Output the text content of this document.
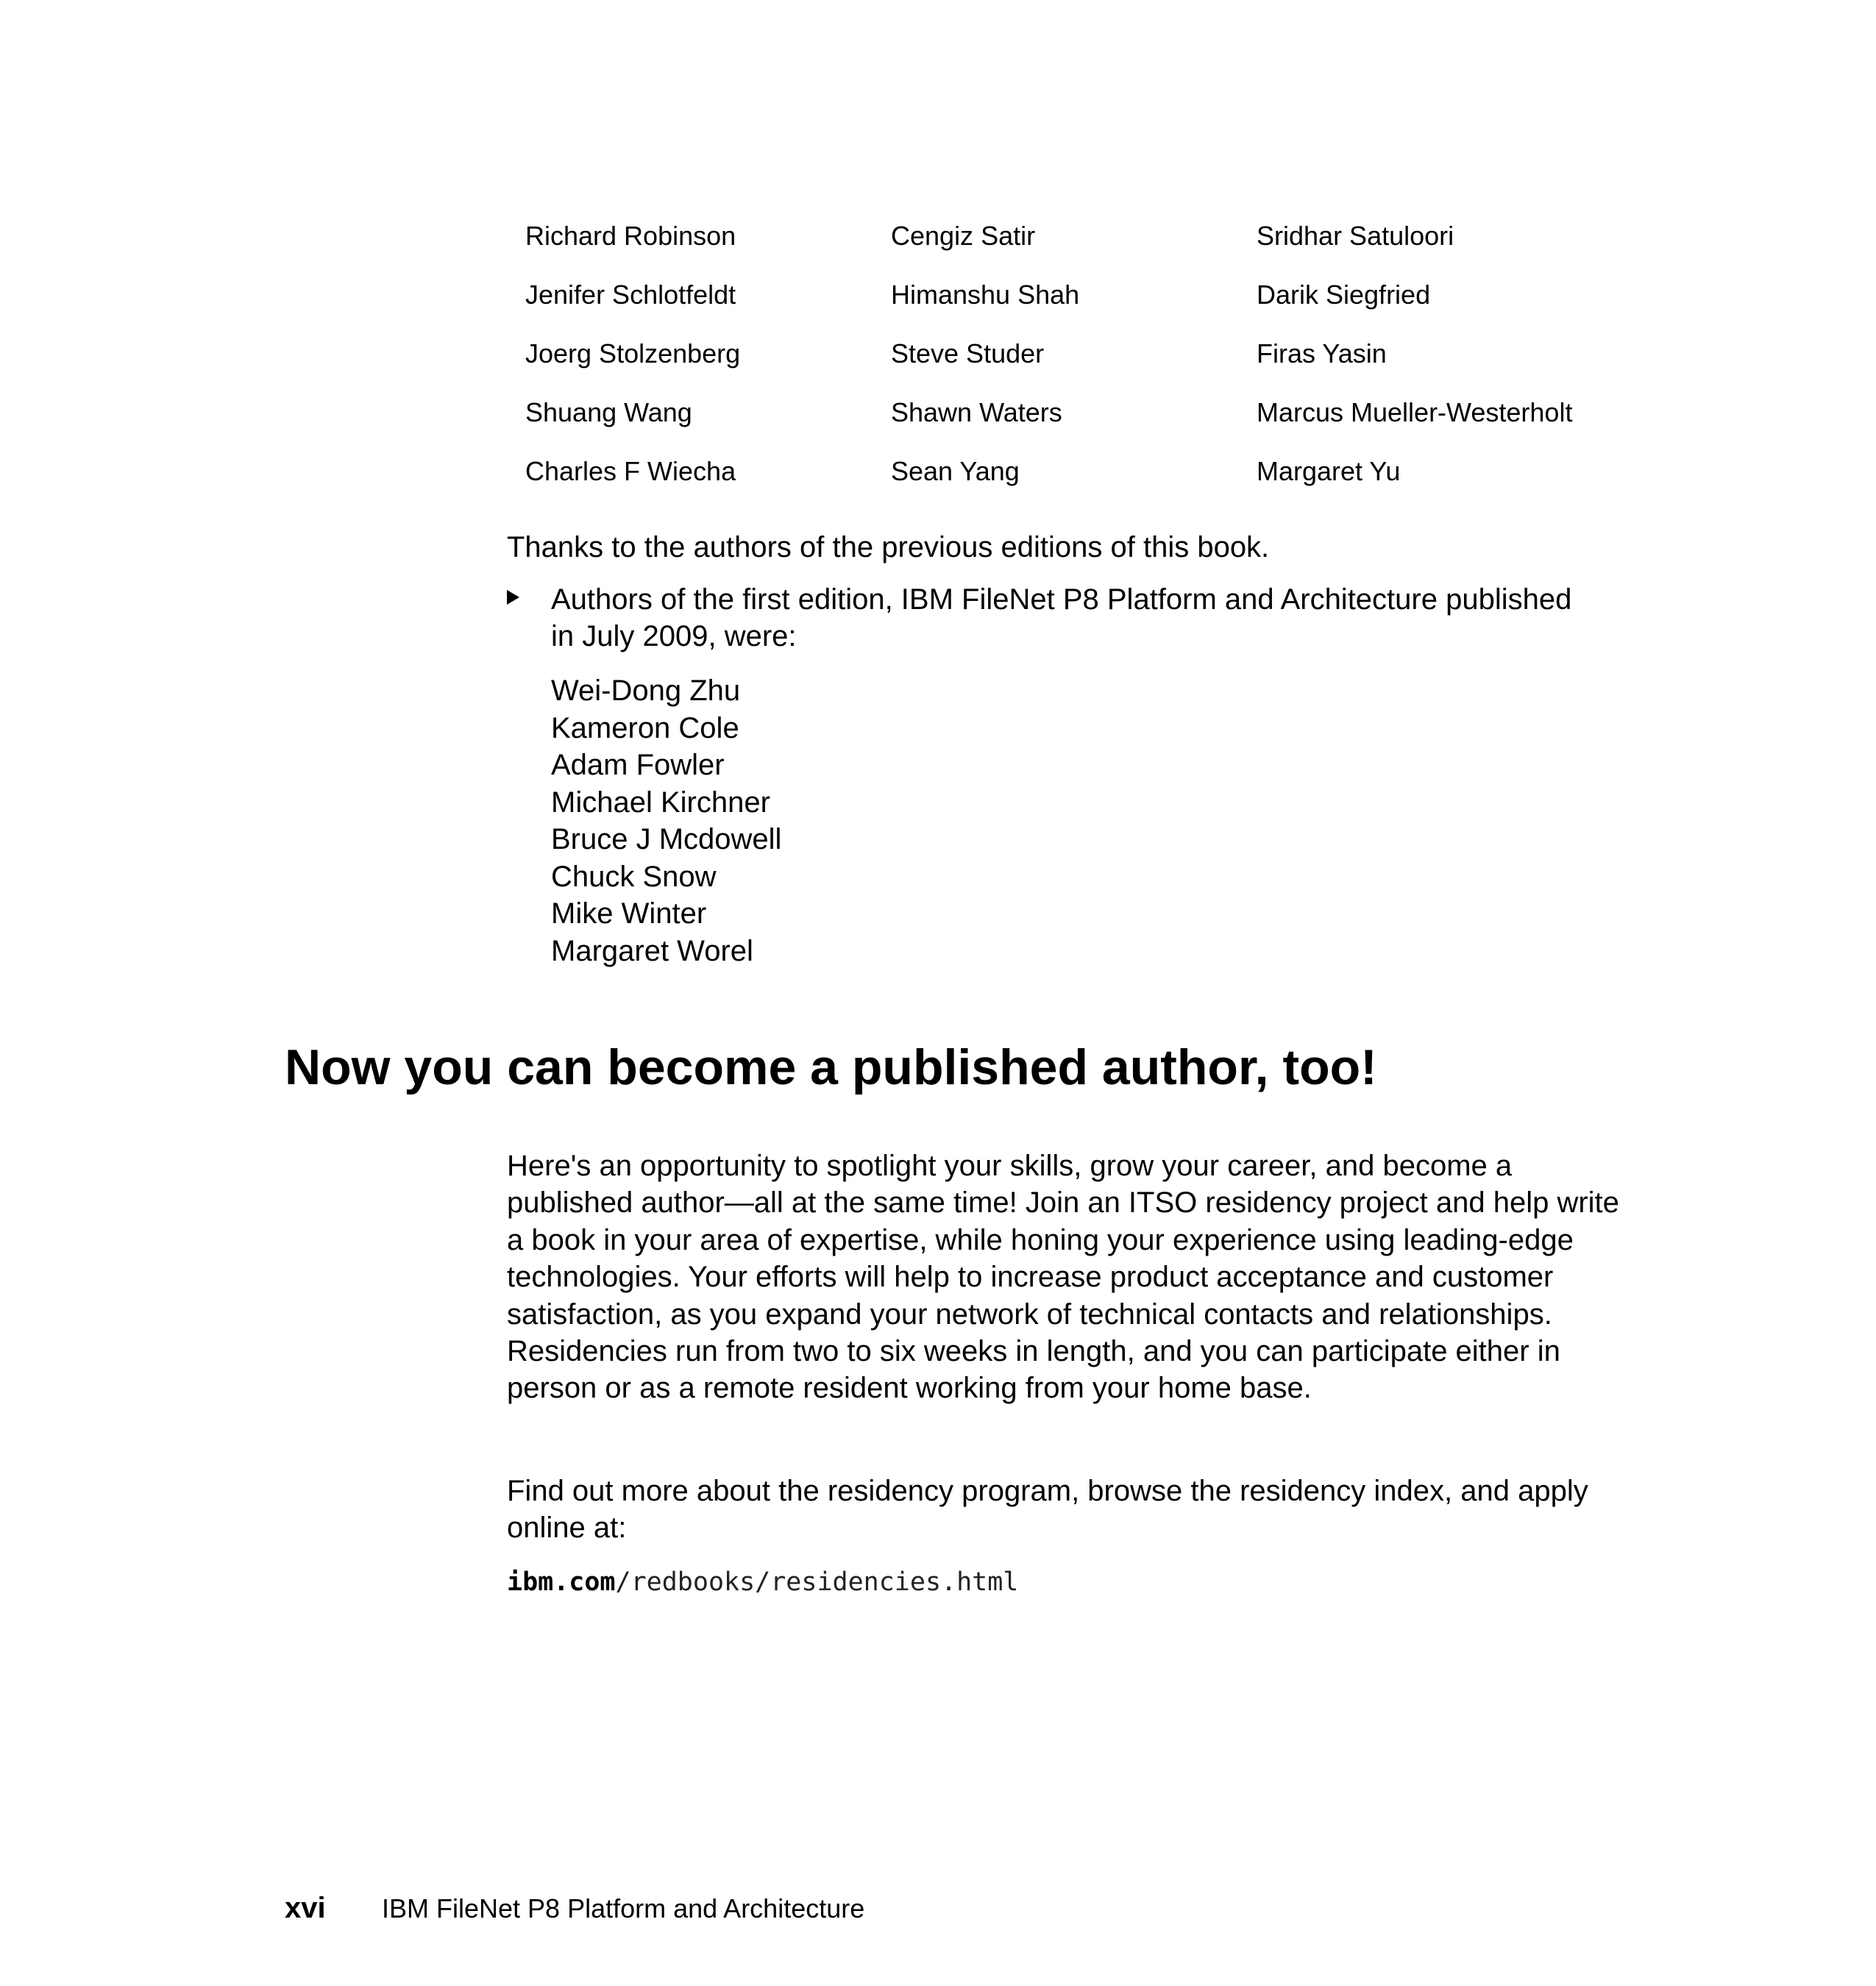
Richard Robinson	Cengiz Satir	Sridhar Satuloori
Jenifer Schlotfeldt	Himanshu Shah	Darik Siegfried
Joerg Stolzenberg	Steve Studer	Firas Yasin
Shuang Wang	Shawn Waters	Marcus Mueller-Westerholt
Charles F Wiecha	Sean Yang	Margaret Yu

Thanks to the authors of the previous editions of this book.

Authors of the first edition, IBM FileNet P8 Platform and Architecture published in July 2009, were:
Wei-Dong Zhu
Kameron Cole
Adam Fowler
Michael Kirchner
Bruce J Mcdowell
Chuck Snow
Mike Winter
Margaret Worel
Now you can become a published author, too!

Here's an opportunity to spotlight your skills, grow your career, and become a published author—all at the same time! Join an ITSO residency project and help write a book in your area of expertise, while honing your experience using leading-edge technologies. Your efforts will help to increase product acceptance and customer satisfaction, as you expand your network of technical contacts and relationships. Residencies run from two to six weeks in length, and you can participate either in person or as a remote resident working from your home base.

Find out more about the residency program, browse the residency index, and apply online at:

ibm.com/redbooks/residencies.html
xvi IBM FileNet P8 Platform and Architecture
